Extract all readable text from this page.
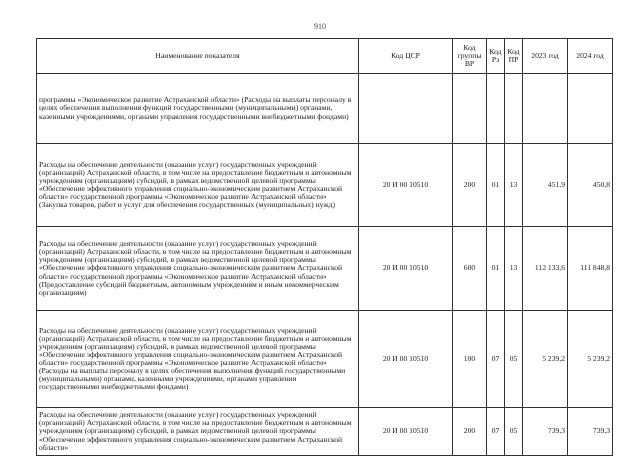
910
Наименование показателя	Код ЦСР	Код группы ВР	Код Рз	Код ПР	2023 год	2024 год
программы «Экономическое развитие Астраханской области» (Расходы на выплаты персоналу в целях обеспечения выполнения функций государственными (муниципальными) органами, казенными учреждениями, органами управления государственными внебюджетными фондами)						
Расходы на обеспечение деятельности (оказание услуг) государственных учреждений (организаций) Астраханской области, в том числе на предоставление бюджетным и автономным учреждениям (организациям) субсидий, в рамках ведомственной целевой программы «Обеспечение эффективного управления социально-экономическим развитием Астраханской области» государственной программы «Экономическое развитие Астраханской области» (Закупка товаров, работ и услуг для обеспечения государственных (муниципальных) нужд)	20 И 00 10510	200	01	13	451,9	450,8
Расходы на обеспечение деятельности (оказание услуг) государственных учреждений (организаций) Астраханской области, в том числе на предоставление бюджетным и автономным учреждениям (организациям) субсидий, в рамках ведомственной целевой программы «Обеспечение эффективного управления социально-экономическим развитием Астраханской области» государственной программы «Экономическое развитие Астраханской области» (Предоставление субсидий бюджетным, автономным учреждениям и иным некоммерческим организациям)	20 И 00 10510	600	01	13	112 133,6	111 848,8
Расходы на обеспечение деятельности (оказание услуг) государственных учреждений (организаций) Астраханской области, в том числе на предоставление бюджетным и автономным учреждениям (организациям) субсидий, в рамках ведомственной целевой программы «Обеспечение эффективного управления социально-экономическим развитием Астраханской области» государственной программы «Экономическое развитие Астраханской области» (Расходы на выплаты персоналу в целях обеспечения выполнения функций государственными (муниципальными) органами, казенными учреждениями, органами управления государственными внебюджетными фондами)	20 И 00 10510	100	07	05	5 239,2	5 239,2
Расходы на обеспечение деятельности (оказание услуг) государственных учреждений (организаций) Астраханской области, в том числе на предоставление бюджетным и автономным учреждениям (организациям) субсидий, в рамках ведомственной целевой программы «Обеспечение эффективного управления социально-экономическим развитием Астраханской области»	20 И 00 10510	200	07	05	739,3	739,3
